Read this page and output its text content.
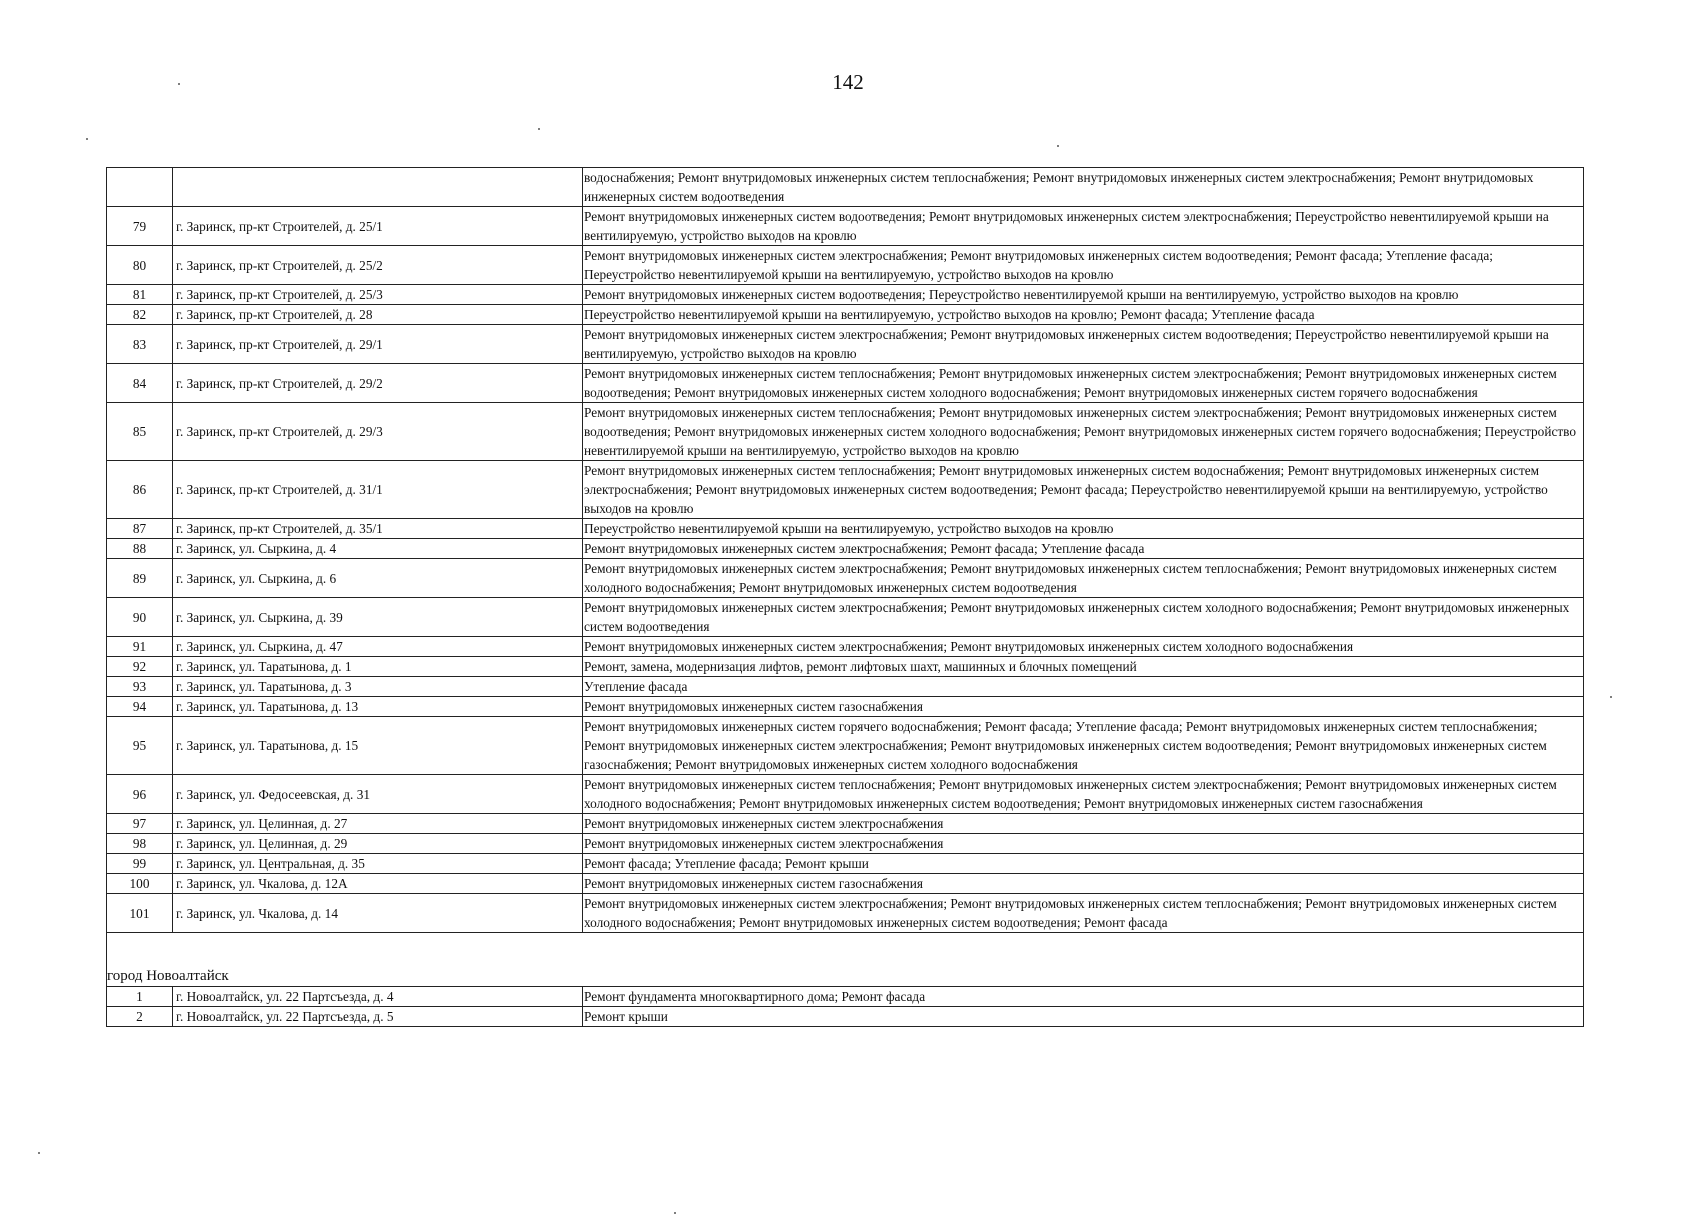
142
		водоснабжения; Ремонт внутридомовых инженерных систем теплоснабжения; Ремонт внутридомовых инженерных систем электроснабжения; Ремонт внутридомовых инженерных систем водоотведения
79	г. Заринск, пр-кт Строителей, д. 25/1	Ремонт внутридомовых инженерных систем водоотведения; Ремонт внутридомовых инженерных систем электроснабжения; Переустройство невентилируемой крыши на вентилируемую, устройство выходов на кровлю
80	г. Заринск, пр-кт Строителей, д. 25/2	Ремонт внутридомовых инженерных систем электроснабжения; Ремонт внутридомовых инженерных систем водоотведения; Ремонт фасада; Утепление фасада; Переустройство невентилируемой крыши на вентилируемую, устройство выходов на кровлю
81	г. Заринск, пр-кт Строителей, д. 25/3	Ремонт внутридомовых инженерных систем водоотведения; Переустройство невентилируемой крыши на вентилируемую, устройство выходов на кровлю
82	г. Заринск, пр-кт Строителей, д. 28	Переустройство невентилируемой крыши на вентилируемую, устройство выходов на кровлю; Ремонт фасада; Утепление фасада
83	г. Заринск, пр-кт Строителей, д. 29/1	Ремонт внутридомовых инженерных систем электроснабжения; Ремонт внутридомовых инженерных систем водоотведения; Переустройство невентилируемой крыши на вентилируемую, устройство выходов на кровлю
84	г. Заринск, пр-кт Строителей, д. 29/2	Ремонт внутридомовых инженерных систем теплоснабжения; Ремонт внутридомовых инженерных систем электроснабжения; Ремонт внутридомовых инженерных систем водоотведения; Ремонт внутридомовых инженерных систем холодного водоснабжения; Ремонт внутридомовых инженерных систем горячего водоснабжения
85	г. Заринск, пр-кт Строителей, д. 29/3	Ремонт внутридомовых инженерных систем теплоснабжения; Ремонт внутридомовых инженерных систем электроснабжения; Ремонт внутридомовых инженерных систем водоотведения; Ремонт внутридомовых инженерных систем холодного водоснабжения; Ремонт внутридомовых инженерных систем горячего водоснабжения; Переустройство невентилируемой крыши на вентилируемую, устройство выходов на кровлю
86	г. Заринск, пр-кт Строителей, д. 31/1	Ремонт внутридомовых инженерных систем теплоснабжения; Ремонт внутридомовых инженерных систем водоснабжения; Ремонт внутридомовых инженерных систем электроснабжения; Ремонт внутридомовых инженерных систем водоотведения; Ремонт фасада; Переустройство невентилируемой крыши на вентилируемую, устройство выходов на кровлю
87	г. Заринск, пр-кт Строителей, д. 35/1	Переустройство невентилируемой крыши на вентилируемую, устройство выходов на кровлю
88	г. Заринск, ул. Сыркина, д. 4	Ремонт внутридомовых инженерных систем электроснабжения; Ремонт фасада; Утепление фасада
89	г. Заринск, ул. Сыркина, д. 6	Ремонт внутридомовых инженерных систем электроснабжения; Ремонт внутридомовых инженерных систем теплоснабжения; Ремонт внутридомовых инженерных систем холодного водоснабжения; Ремонт внутридомовых инженерных систем водоотведения
90	г. Заринск, ул. Сыркина, д. 39	Ремонт внутридомовых инженерных систем электроснабжения; Ремонт внутридомовых инженерных систем холодного водоснабжения; Ремонт внутридомовых инженерных систем водоотведения
91	г. Заринск, ул. Сыркина, д. 47	Ремонт внутридомовых инженерных систем электроснабжения; Ремонт внутридомовых инженерных систем холодного водоснабжения
92	г. Заринск, ул. Таратынова, д. 1	Ремонт, замена, модернизация лифтов, ремонт лифтовых шахт, машинных и блочных помещений
93	г. Заринск, ул. Таратынова, д. 3	Утепление фасада
94	г. Заринск, ул. Таратынова, д. 13	Ремонт внутридомовых инженерных систем газоснабжения
95	г. Заринск, ул. Таратынова, д. 15	Ремонт внутридомовых инженерных систем горячего водоснабжения; Ремонт фасада; Утепление фасада; Ремонт внутридомовых инженерных систем теплоснабжения; Ремонт внутридомовых инженерных систем электроснабжения; Ремонт внутридомовых инженерных систем водоотведения; Ремонт внутридомовых инженерных систем газоснабжения; Ремонт внутридомовых инженерных систем холодного водоснабжения
96	г. Заринск, ул. Федосеевская, д. 31	Ремонт внутридомовых инженерных систем теплоснабжения; Ремонт внутридомовых инженерных систем электроснабжения; Ремонт внутридомовых инженерных систем холодного водоснабжения; Ремонт внутридомовых инженерных систем водоотведения; Ремонт внутридомовых инженерных систем газоснабжения
97	г. Заринск, ул. Целинная, д. 27	Ремонт внутридомовых инженерных систем электроснабжения
98	г. Заринск, ул. Целинная, д. 29	Ремонт внутридомовых инженерных систем электроснабжения
99	г. Заринск, ул. Центральная, д. 35	Ремонт фасада; Утепление фасада; Ремонт крыши
100	г. Заринск, ул. Чкалова, д. 12А	Ремонт внутридомовых инженерных систем газоснабжения
101	г. Заринск, ул. Чкалова, д. 14	Ремонт внутридомовых инженерных систем электроснабжения; Ремонт внутридомовых инженерных систем теплоснабжения; Ремонт внутридомовых инженерных систем холодного водоснабжения; Ремонт внутридомовых инженерных систем водоотведения; Ремонт фасада

город Новоалтайск		
1	г. Новоалтайск, ул. 22 Партсъезда, д. 4	Ремонт фундамента многоквартирного дома; Ремонт фасада
2	г. Новоалтайск, ул. 22 Партсъезда, д. 5	Ремонт крыши
